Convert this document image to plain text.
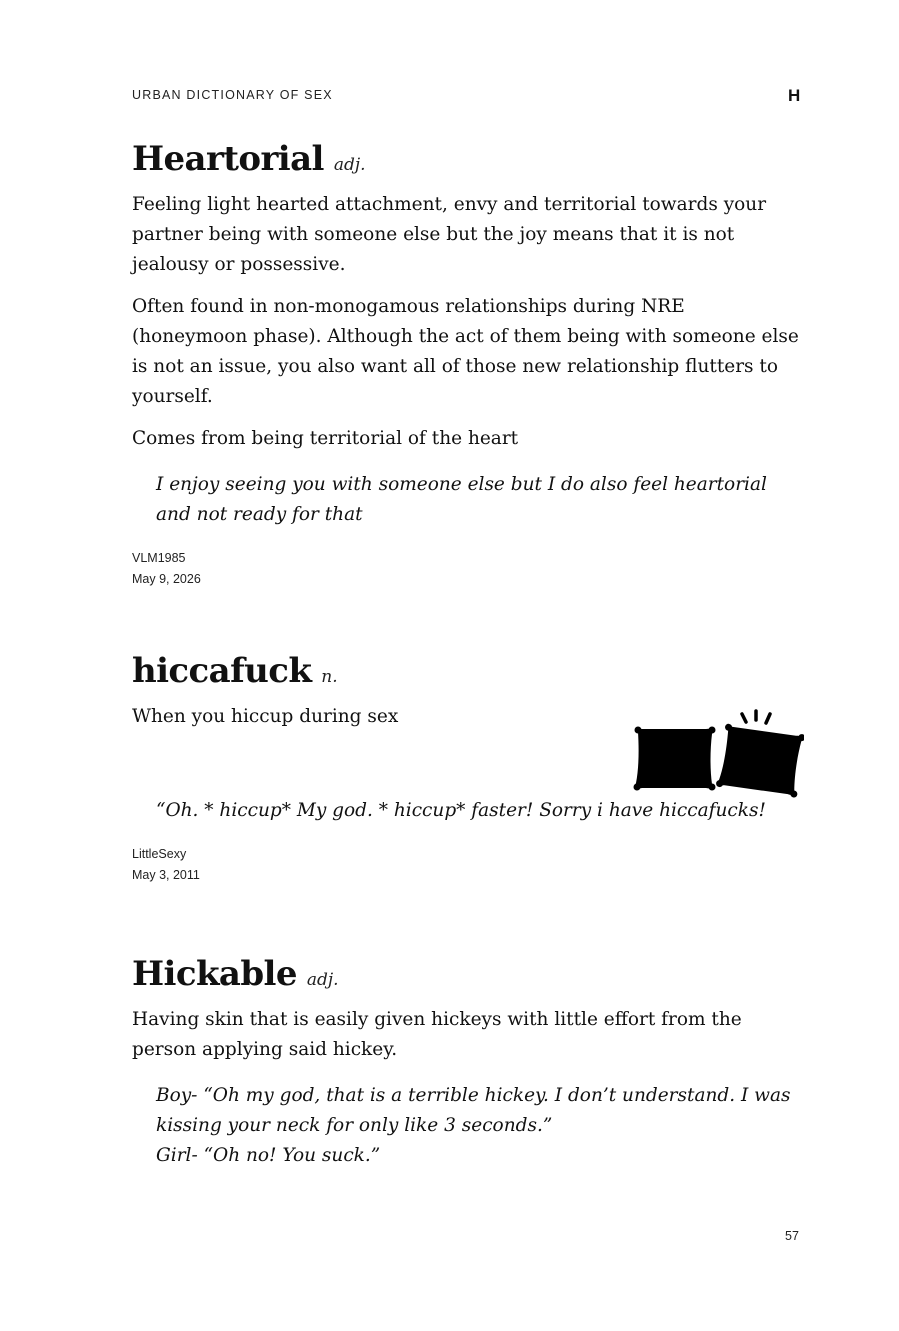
URBAN DICTIONARY OF SEX	H
Heartorial adj.

Feeling light hearted attachment, envy and territorial towards your partner being with someone else but the joy means that it is not jealousy or possessive.

Often found in non-monogamous relationships during NRE (honeymoon phase). Although the act of them being with someone else is not an issue, you also want all of those new relationship flutters to yourself.

Comes from being territorial of the heart

I enjoy seeing you with someone else but I do also feel heartorial and not ready for that

VLM1985
May 9, 2026
hiccafuck n.

When you hiccup during sex

“Oh. * hiccup* My god. * hiccup* faster! Sorry i have hiccafucks!

LittleSexy
May 3, 2011
Hickable adj.

Having skin that is easily given hickeys with little effort from the person applying said hickey.

Boy- “Oh my god, that is a terrible hickey. I don’t understand. I was kissing your neck for only like 3 seconds.”
Girl- “Oh no! You suck.”
57
